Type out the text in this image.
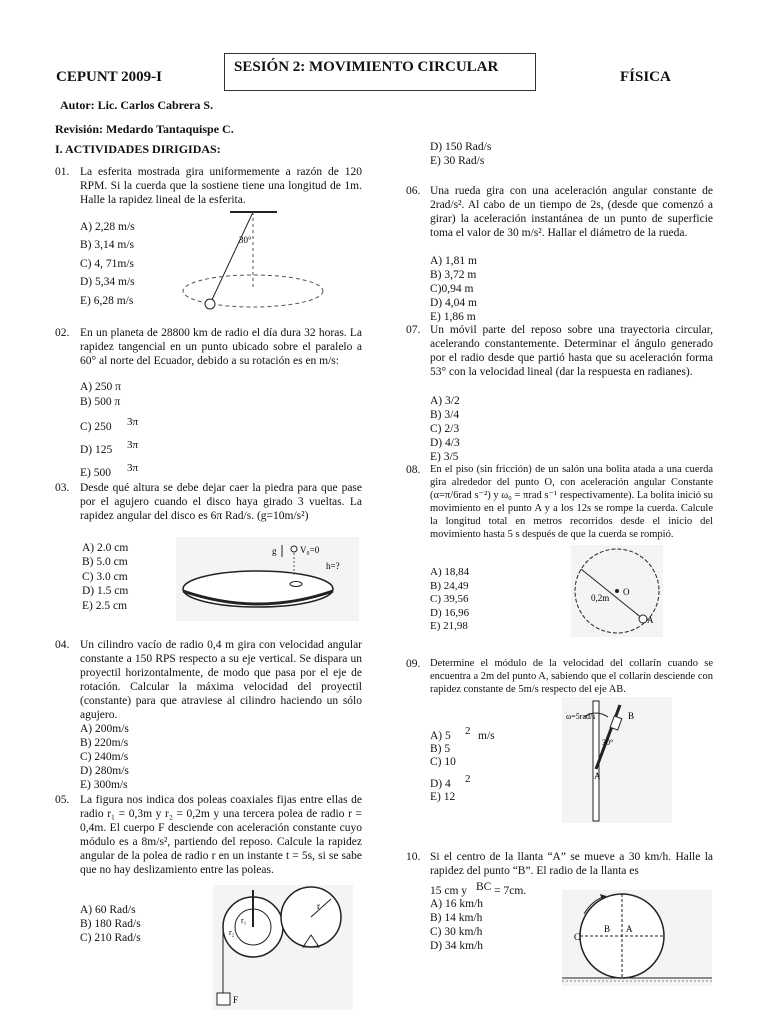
SESIÓN 2: MOVIMIENTO CIRCULAR
CEPUNT 2009-I	FÍSICA
Autor: Lic. Carlos Cabrera S.
Revisión: Medardo Tantaquispe C.
I. ACTIVIDADES DIRIGIDAS:
01. La esferita mostrada gira uniformemente a razón de 120 RPM. Si la cuerda que la sostiene tiene una longitud de 1m. Halle la rapidez lineal de la esferita.
A) 2,28 m/s
B) 3,14 m/s
C) 4, 71m/s
D) 5,34 m/s
E) 6,28 m/s
30°
02. En un planeta de 28800 km de radio el día dura 32 horas. La rapidez tangencial en un punto ubicado sobre el paralelo a 60° al norte del Ecuador, debido a su rotación es en m/s:
A) 250 π
B) 500 π
C) 250 3π
D) 125 3π
E) 500 3π
03. Desde qué altura se debe dejar caer la piedra para que pase por el agujero cuando el disco haya girado 3 vueltas. La rapidez angular del disco es 6π Rad/s. (g=10m/s²)
A) 2.0 cm
B) 5.0 cm
C) 3.0 cm
D) 1.5 cm
E) 2.5 cm
g	V₀=0
h=?
04. Un cilindro vacío de radio 0,4 m gira con velocidad angular constante a 150 RPS respecto a su eje vertical. Se dispara un proyectil horizontalmente, de modo que pasa por el eje de rotación. Calcular la máxima velocidad del proyectil (constante) para que atraviese al cilindro haciendo un sólo agujero.
A) 200m/s
B) 220m/s
C) 240m/s
D) 280m/s
E) 300m/s
05. La figura nos indica dos poleas coaxiales fijas entre ellas de radio r₁ = 0,3m y r₂ = 0,2m y una tercera polea de radio r = 0,4m. El cuerpo F desciende con aceleración constante cuyo módulo es a 8m/s², partiendo del reposo. Calcule la rapidez angular de la polea de radio r en un instante t = 5s, si se sabe que no hay deslizamiento entre las poleas.
A) 60 Rad/s
B) 180 Rad/s
C) 210 Rad/s
r₁
r₂
r
F
D) 150 Rad/s
E) 30 Rad/s
06. Una rueda gira con una aceleración angular constante de 2rad/s². Al cabo de un tiempo de 2s, (desde que comenzó a girar) la aceleración instantánea de un punto de superficie toma el valor de 30 m/s². Hallar el diámetro de la rueda.
A) 1,81 m
B) 3,72 m
C)0,94 m
D) 4,04 m
E) 1,86 m
07. Un móvil parte del reposo sobre una trayectoria circular, acelerando constantemente. Determinar el ángulo generado por el radio desde que partió hasta que su aceleración forma 53° con la velocidad lineal (dar la respuesta en radianes).
A) 3/2
B) 3/4
C) 2/3
D) 4/3
E) 3/5
08. En el piso (sin fricción) de un salón una bolita atada a una cuerda gira alrededor del punto O, con aceleración angular Constante (α=π/6rad s⁻²) y ω₀ = πrad s⁻¹ respectivamente). La bolita inició su movimiento en el punto A y a los 12s se rompe la cuerda. Calcule la longitud total en metros recorridos desde el inicio del movimiento hasta 5 s después de que la cuerda se rompió.
A) 18,84
B) 24,49
C) 39,56
D) 16,96
E) 21,98
0,2m
O
A
09. Determine el módulo de la velocidad del collarín cuando se encuentra a 2m del punto A, sabiendo que el collarín desciende con rapidez constante de 5m/s respecto del eje AB.
A) 5 2 m/s
B) 5
C) 10
D) 4 2
E) 12
ω=5rad/s	B
30°
A
10. Si el centro de la llanta “A” se mueve a 30 km/h. Halle la rapidez del punto “B”. El radio de la llanta es
15 cm y BC = 7cm.
A) 16 km/h
B) 14 km/h
C) 30 km/h
D) 34 km/h
C
B A
